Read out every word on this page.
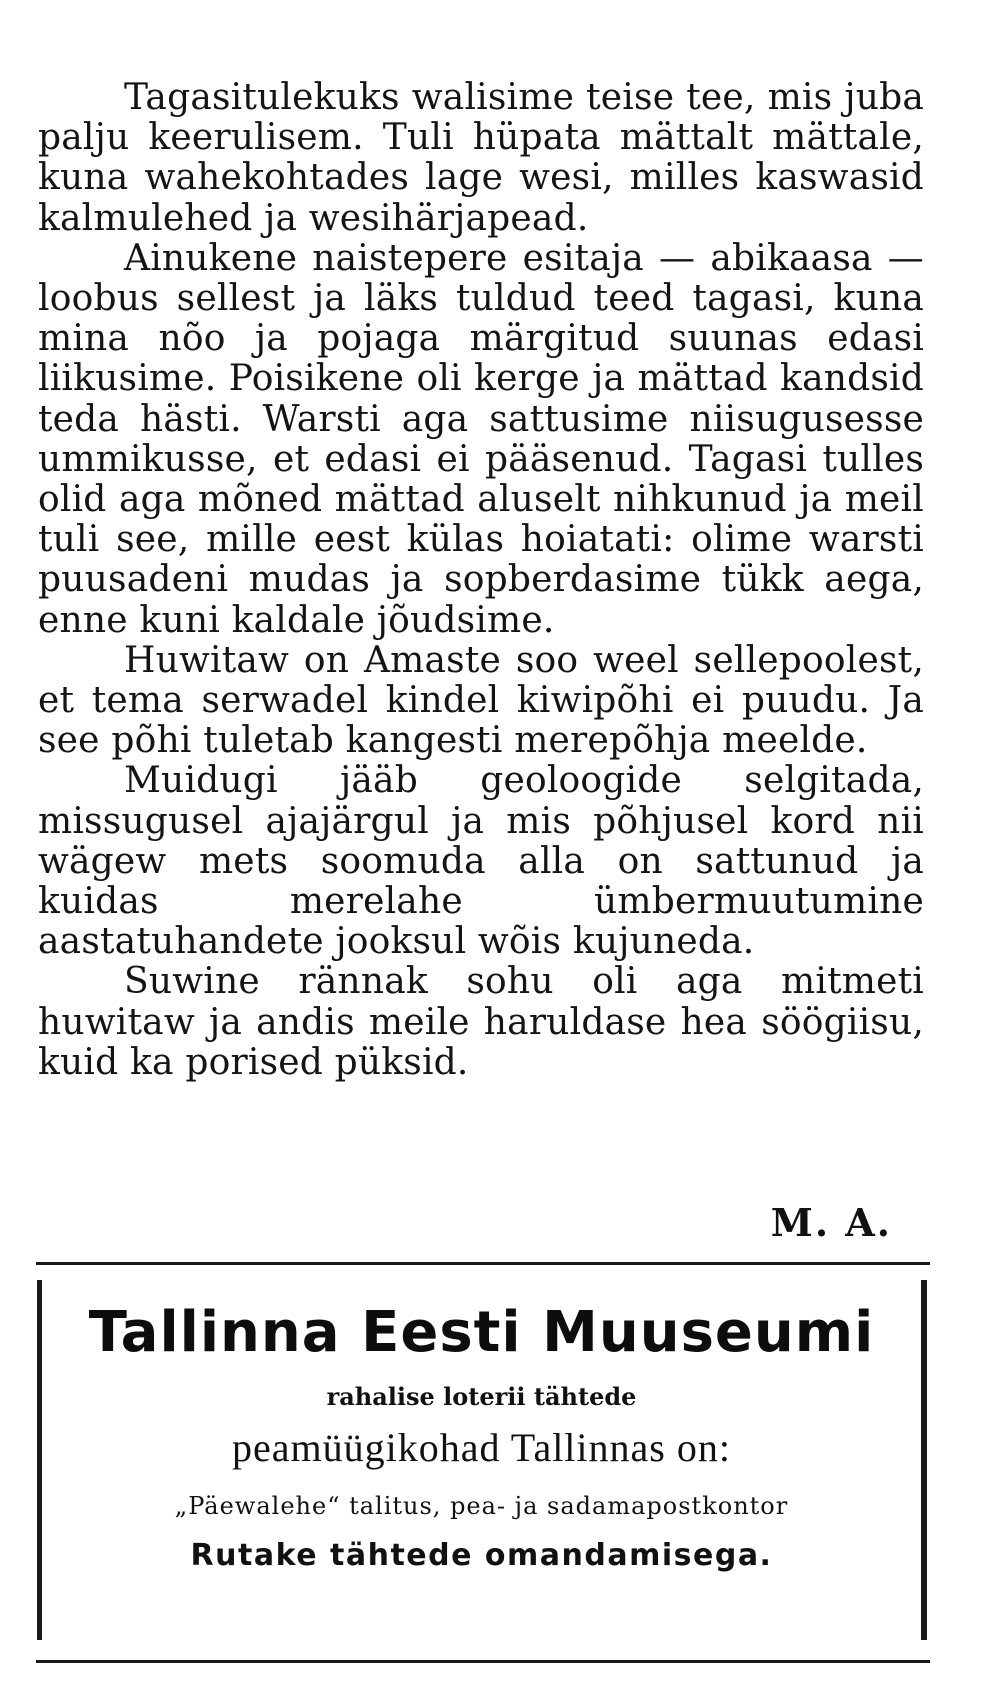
Tagasitulekuks walisime teise tee, mis juba palju keerulisem. Tuli hüpata mättalt mättale, kuna wahekohtades lage wesi, milles kaswasid kalmulehed ja wesihärjapead.

Ainukene naistepere esitaja — abikaasa — loobus sellest ja läks tuldud teed tagasi, kuna mina nõo ja pojaga märgitud suunas edasi liikusime. Poisikene oli kerge ja mättad kandsid teda hästi. Warsti aga sattusime niisugusesse ummikusse, et edasi ei pääsenud. Tagasi tulles olid aga mõned mättad aluselt nihkunud ja meil tuli see, mille eest külas hoiatati: olime warsti puusadeni mudas ja sopberdasime tükk aega, enne kuni kaldale jõudsime.

Huwitaw on Amaste soo weel sellepoolest, et tema serwadel kindel kiwipõhi ei puudu. Ja see põhi tuletab kangesti merepõhja meelde.

Muidugi jääb geoloogide selgitada, missugusel ajajärgul ja mis põhjusel kord nii wägew mets soomuda alla on sattunud ja kuidas merelahe ümbermuutumine aastatuhandete jooksul wõis kujuneda.

Suwine rännak sohu oli aga mitmeti huwitaw ja andis meile haruldase hea söögiisu, kuid ka porised püksid.

M. A.
Tallinna Eesti Muuseumi
rahalise loterii tähtede
peamüügikohad Tallinnas on:
„Päewalehe“ talitus, pea- ja sadamapostkontor
Rutake tähtede omandamisega.
